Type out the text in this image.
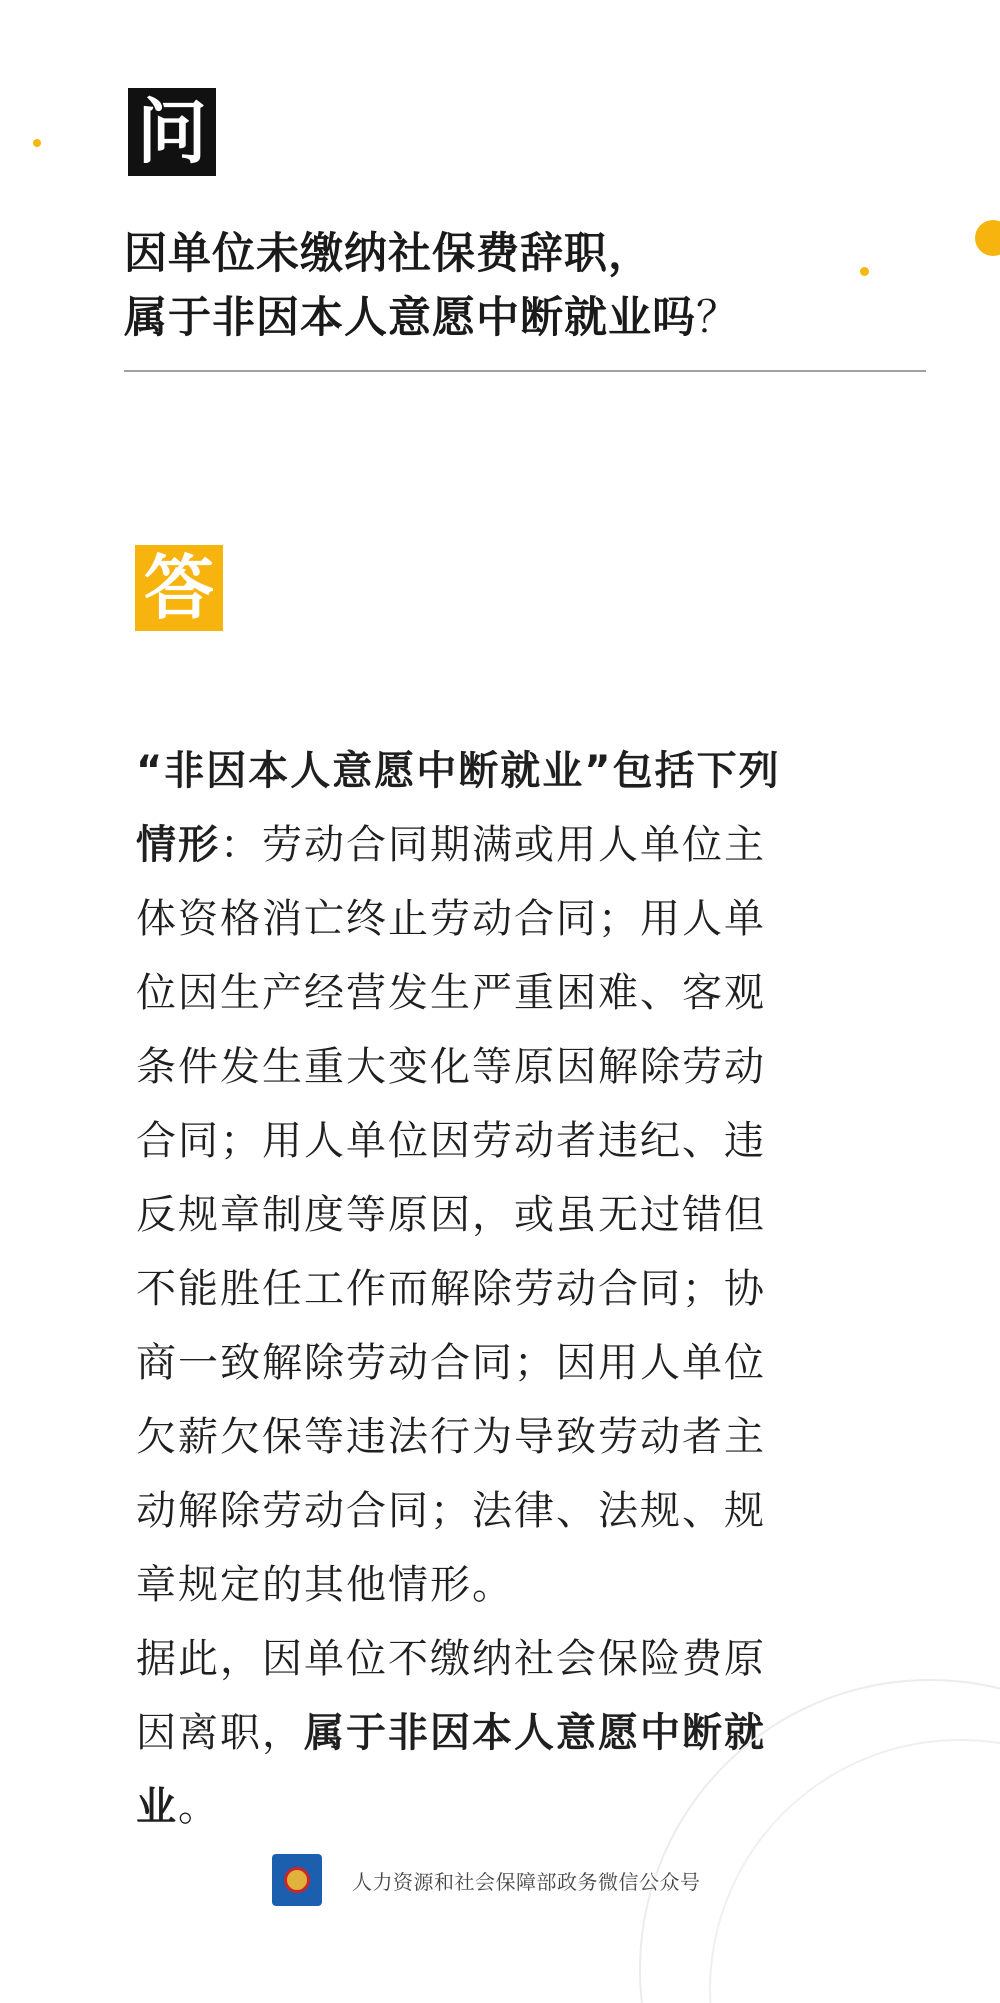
问
因单位未缴纳社保费辞职，
属于非因本人意愿中断就业吗？
答

“非因本人意愿中断就业”包括下列情形：劳动合同期满或用人单位主体资格消亡终止劳动合同；用人单位因生产经营发生严重困难、客观条件发生重大变化等原因解除劳动合同；用人单位因劳动者违纪、违反规章制度等原因，或虽无过错但不能胜任工作而解除劳动合同；协商一致解除劳动合同；因用人单位欠薪欠保等违法行为导致劳动者主动解除劳动合同；法律、法规、规章规定的其他情形。

据此，因单位不缴纳社会保险费原因离职，属于非因本人意愿中断就业。

人力资源和社会保障部政务微信公众号
